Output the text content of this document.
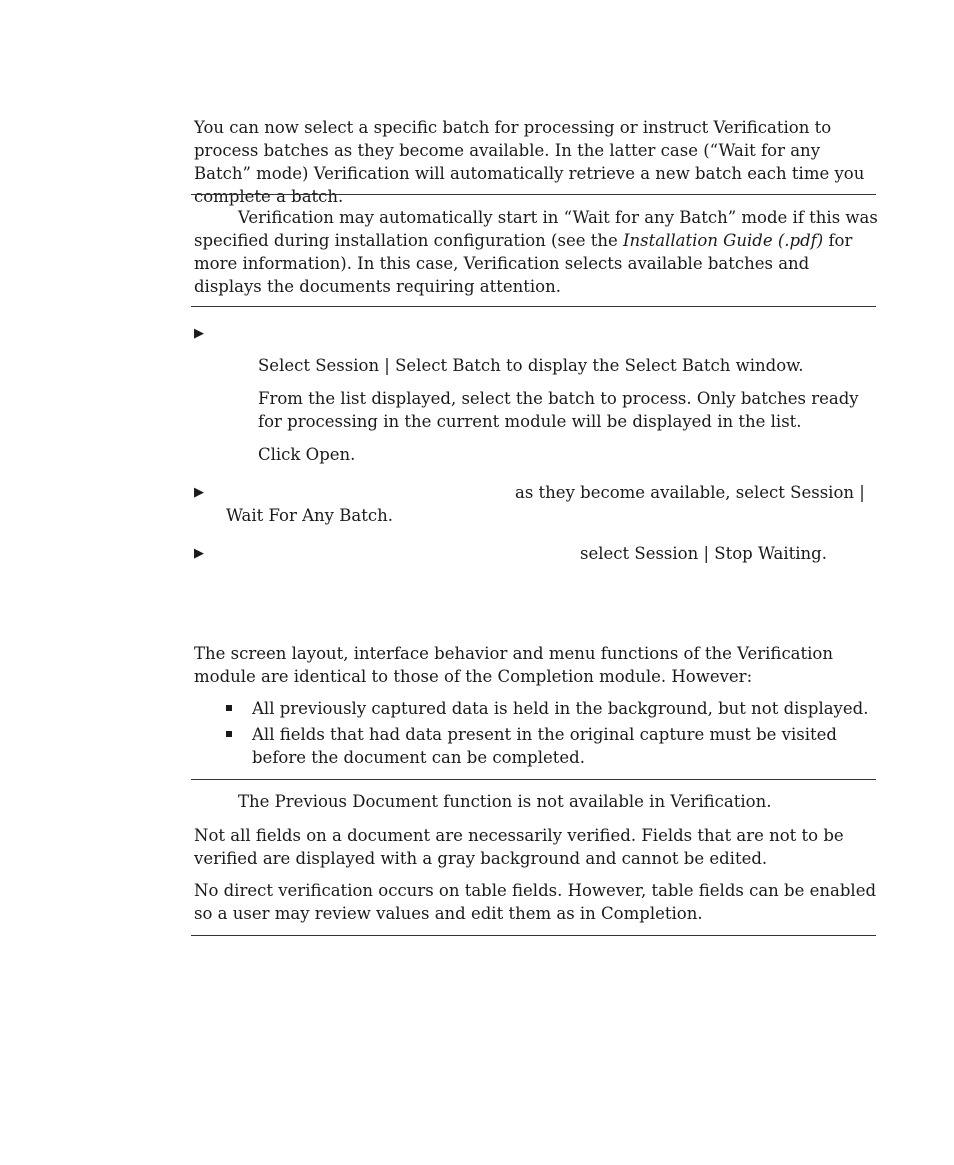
You can now select a specific batch for processing or instruct Verification to process batches as they become available. In the latter case (“Wait for any Batch” mode) Verification will automatically retrieve a new batch each time you complete a batch.

Verification may automatically start in “Wait for any Batch” mode if this was specified during installation configuration (see the Installation Guide (.pdf) for more information). In this case, Verification selects available batches and displays the documents requiring attention.

▶

Select Session | Select Batch to display the Select Batch window.

From the list displayed, select the batch to process. Only batches ready for processing in the current module will be displayed in the list.

Click Open.

▶	as they become available, select Session |
Wait For Any Batch.
▶	select Session | Stop Waiting.

The screen layout, interface behavior and menu functions of the Verification module are identical to those of the Completion module. However:

All previously captured data is held in the background, but not displayed.
All fields that had data present in the original capture must be visited before the document can be completed.

The Previous Document function is not available in Verification.

Not all fields on a document are necessarily verified. Fields that are not to be verified are displayed with a gray background and cannot be edited.

No direct verification occurs on table fields. However, table fields can be enabled so a user may review values and edit them as in Completion.
